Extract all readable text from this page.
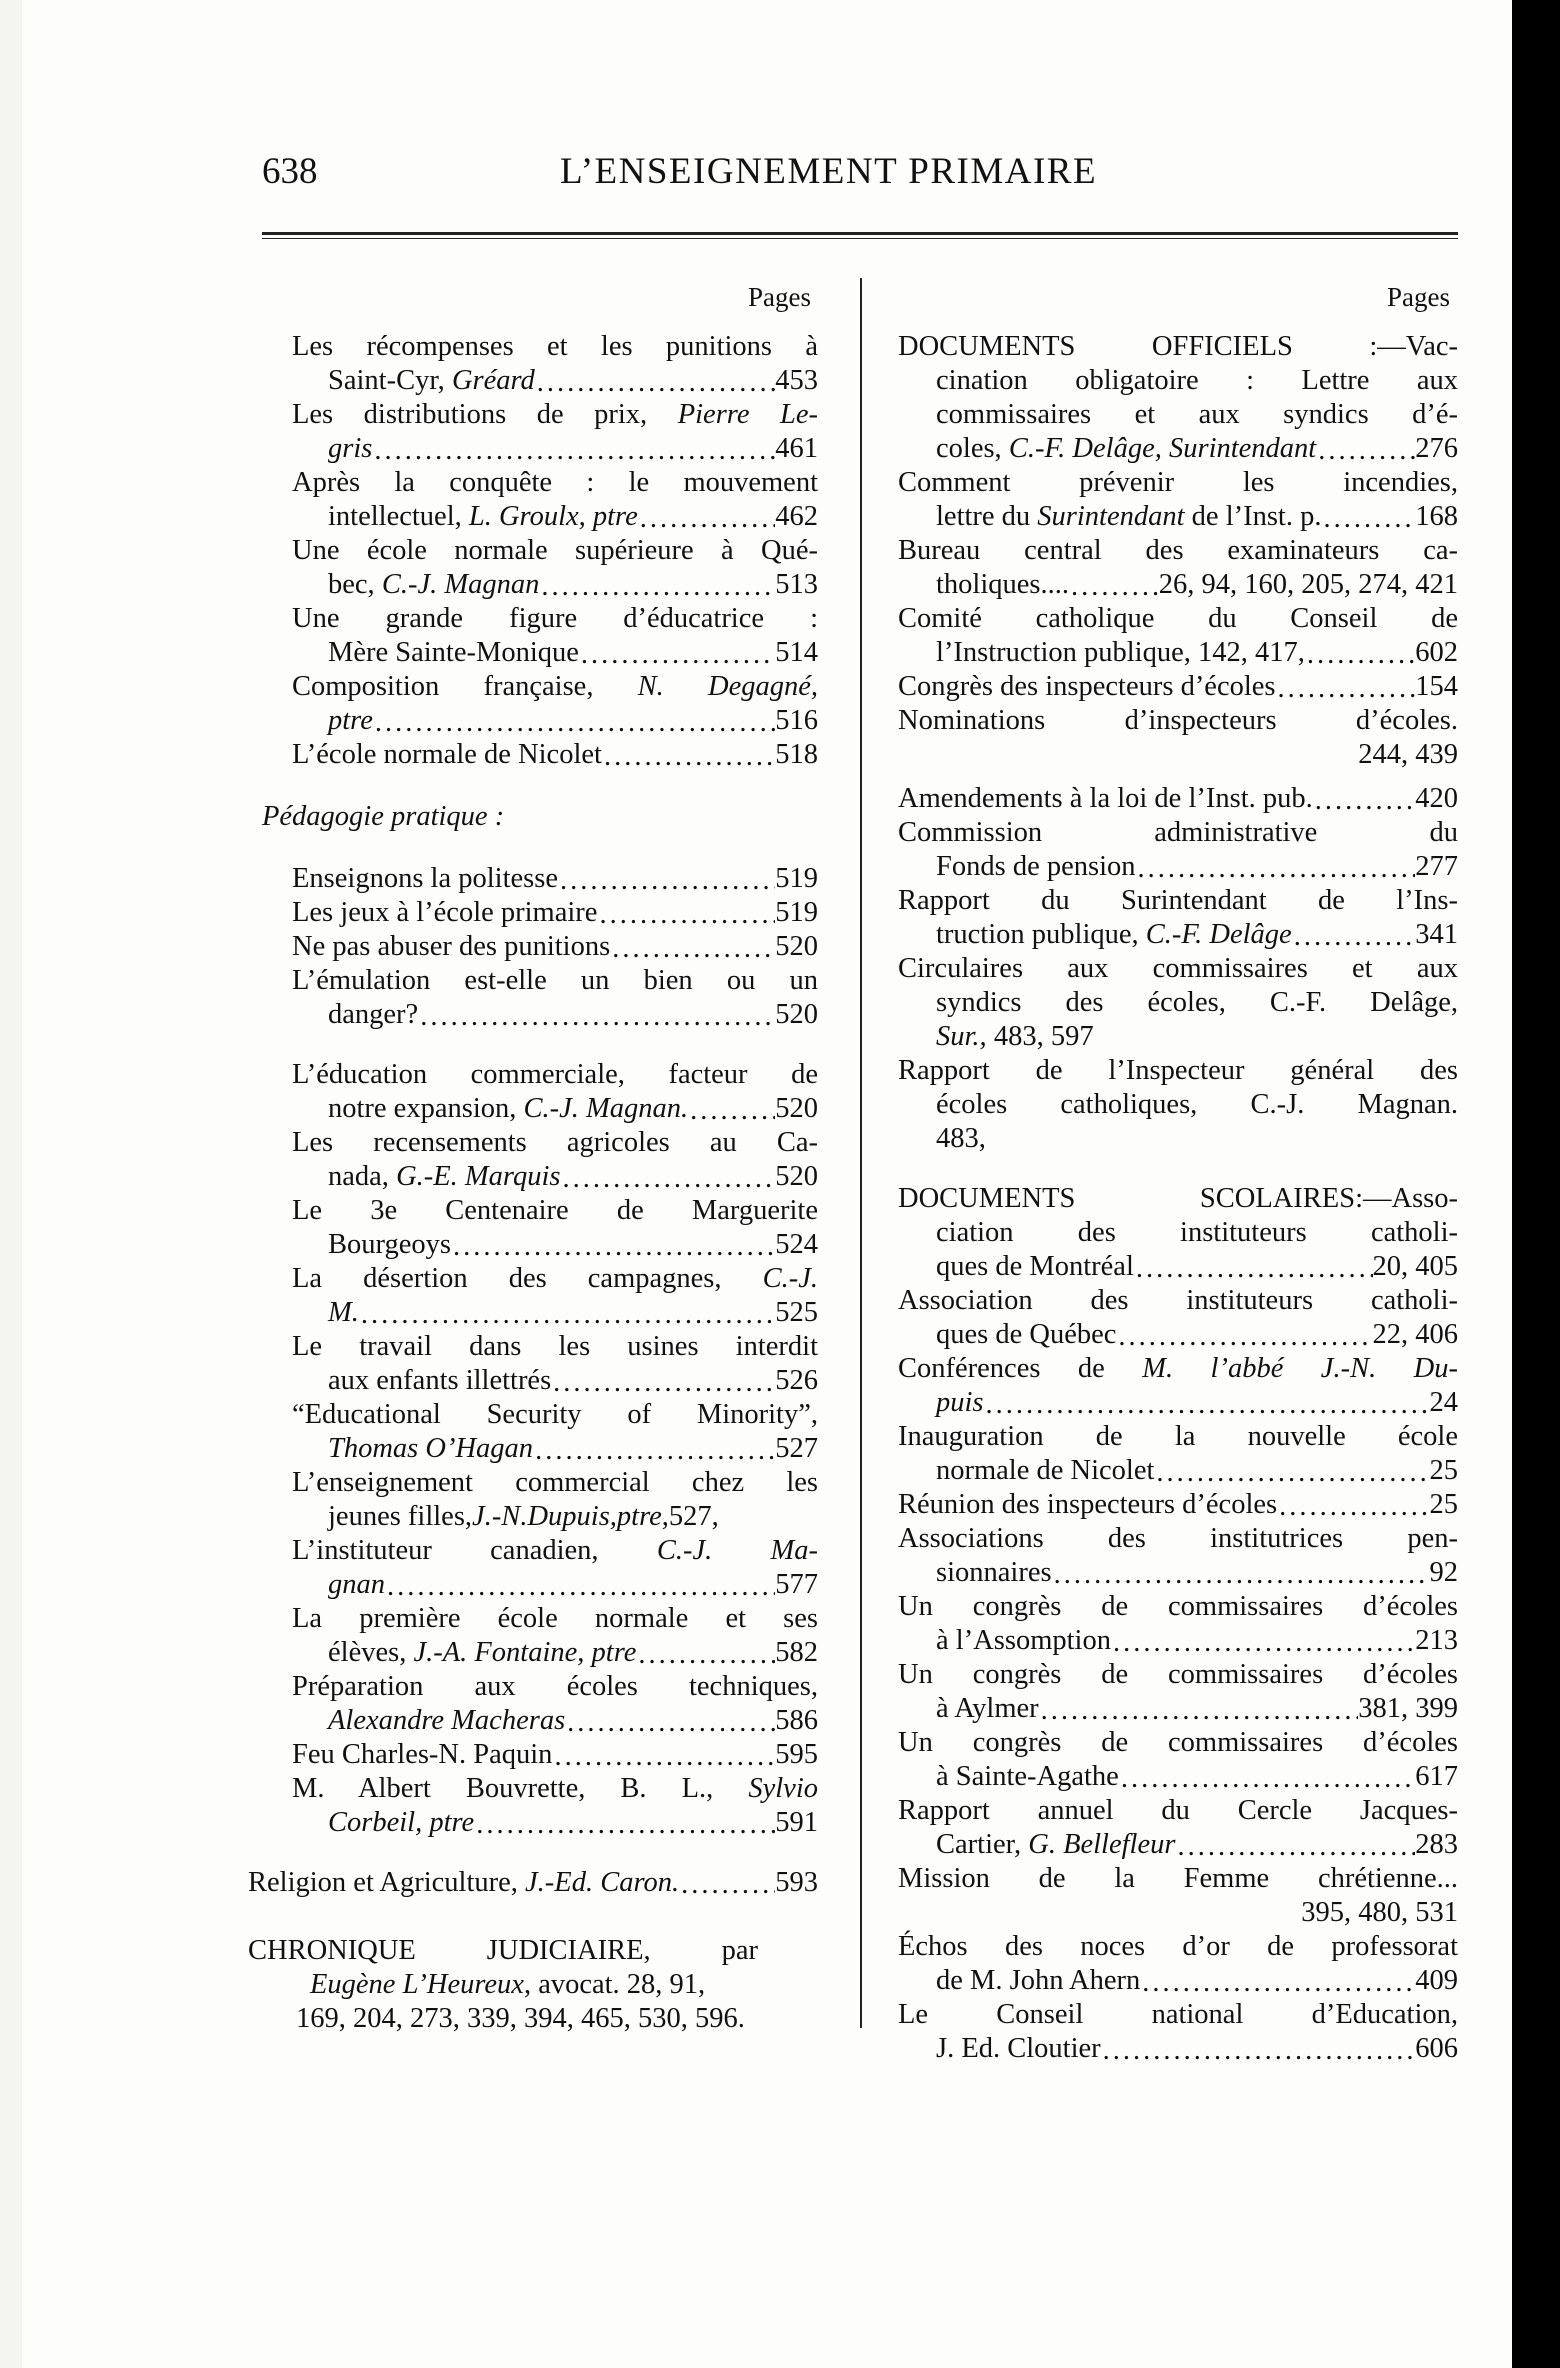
638	L’ENSEIGNEMENT PRIMAIRE
Pages	Pages
Les récompenses et les punitions à
Saint-Cyr, Gréard .....	453
Les distributions de prix, Pierre Le-
gris .....	461
Après la conquête : le mouvement
intellectuel, L. Groulx, ptre .....	462
Une école normale supérieure à Qué-
bec, C.-J. Magnan .....	513
Une grande figure d’éducatrice :
Mère Sainte-Monique .....	514
Composition française, N. Degagné,
ptre .....	516
L’école normale de Nicolet .....	518
Pédagogie pratique :
Enseignons la politesse .....	519
Les jeux à l’école primaire .....	519
Ne pas abuser des punitions .....	520
L’émulation est-elle un bien ou un
danger? .....	520
L’éducation commerciale, facteur de
notre expansion, C.-J. Magnan. .....	520
Les recensements agricoles au Ca-
nada, G.-E. Marquis .....	520
Le 3e Centenaire de Marguerite
Bourgeoys .....	524
La désertion des campagnes, C.-J.
M. .....	525
Le travail dans les usines interdit
aux enfants illettrés .....	526
“Educational Security of Minority”,
Thomas O’Hagan .....	527
L’enseignement commercial chez les
jeunes filles,J.-N.Dupuis,ptre,527,
L’instituteur canadien, C.-J. Ma-
gnan .....	577
La première école normale et ses
élèves, J.-A. Fontaine, ptre .....	582
Préparation aux écoles techniques,
Alexandre Macheras .....	586
Feu Charles-N. Paquin .....	595
M. Albert Bouvrette, B. L., Sylvio
Corbeil, ptre .....	591
Religion et Agriculture, J.-Ed. Caron. .....	593
CHRONIQUE JUDICIAIRE, par
Eugène L’Heureux, avocat. 28, 91,
169, 204, 273, 339, 394, 465, 530, 596.
DOCUMENTS OFFICIELS :—Vac-
cination obligatoire : Lettre aux
commissaires et aux syndics d’é-
coles, C.-F. Delâge, Surintendant .....	276
Comment prévenir les incendies,
lettre du Surintendant de l’Inst. p. .....	168
Bureau central des examinateurs ca-
tholiques.... .....	26, 94, 160, 205, 274, 421
Comité catholique du Conseil de
l’Instruction publique, 142, 417, .....	602
Congrès des inspecteurs d’écoles .....	154
Nominations d’inspecteurs d’écoles.
244, 439
Amendements à la loi de l’Inst. pub. .....	420
Commission administrative du
Fonds de pension .....	277
Rapport du Surintendant de l’Ins-
truction publique, C.-F. Delâge .....	341
Circulaires aux commissaires et aux
syndics des écoles, C.-F. Delâge,
Sur., 483, 597
Rapport de l’Inspecteur général des
écoles catholiques, C.-J. Magnan.
483,
DOCUMENTS SCOLAIRES:—Asso-
ciation des instituteurs catholi-
ques de Montréal .....	20, 405
Association des instituteurs catholi-
ques de Québec .....	22, 406
Conférences de M. l’abbé J.-N. Du-
puis .....	24
Inauguration de la nouvelle école
normale de Nicolet .....	25
Réunion des inspecteurs d’écoles .....	25
Associations des institutrices pen-
sionnaires .....	92
Un congrès de commissaires d’écoles
à l’Assomption .....	213
Un congrès de commissaires d’écoles
à Aylmer .....	381, 399
Un congrès de commissaires d’écoles
à Sainte-Agathe .....	617
Rapport annuel du Cercle Jacques-
Cartier, G. Bellefleur .....	283
Mission de la Femme chrétienne...
395, 480, 531
Échos des noces d’or de professorat
de M. John Ahern .....	409
Le Conseil national d’Education,
J. Ed. Cloutier .....	606
